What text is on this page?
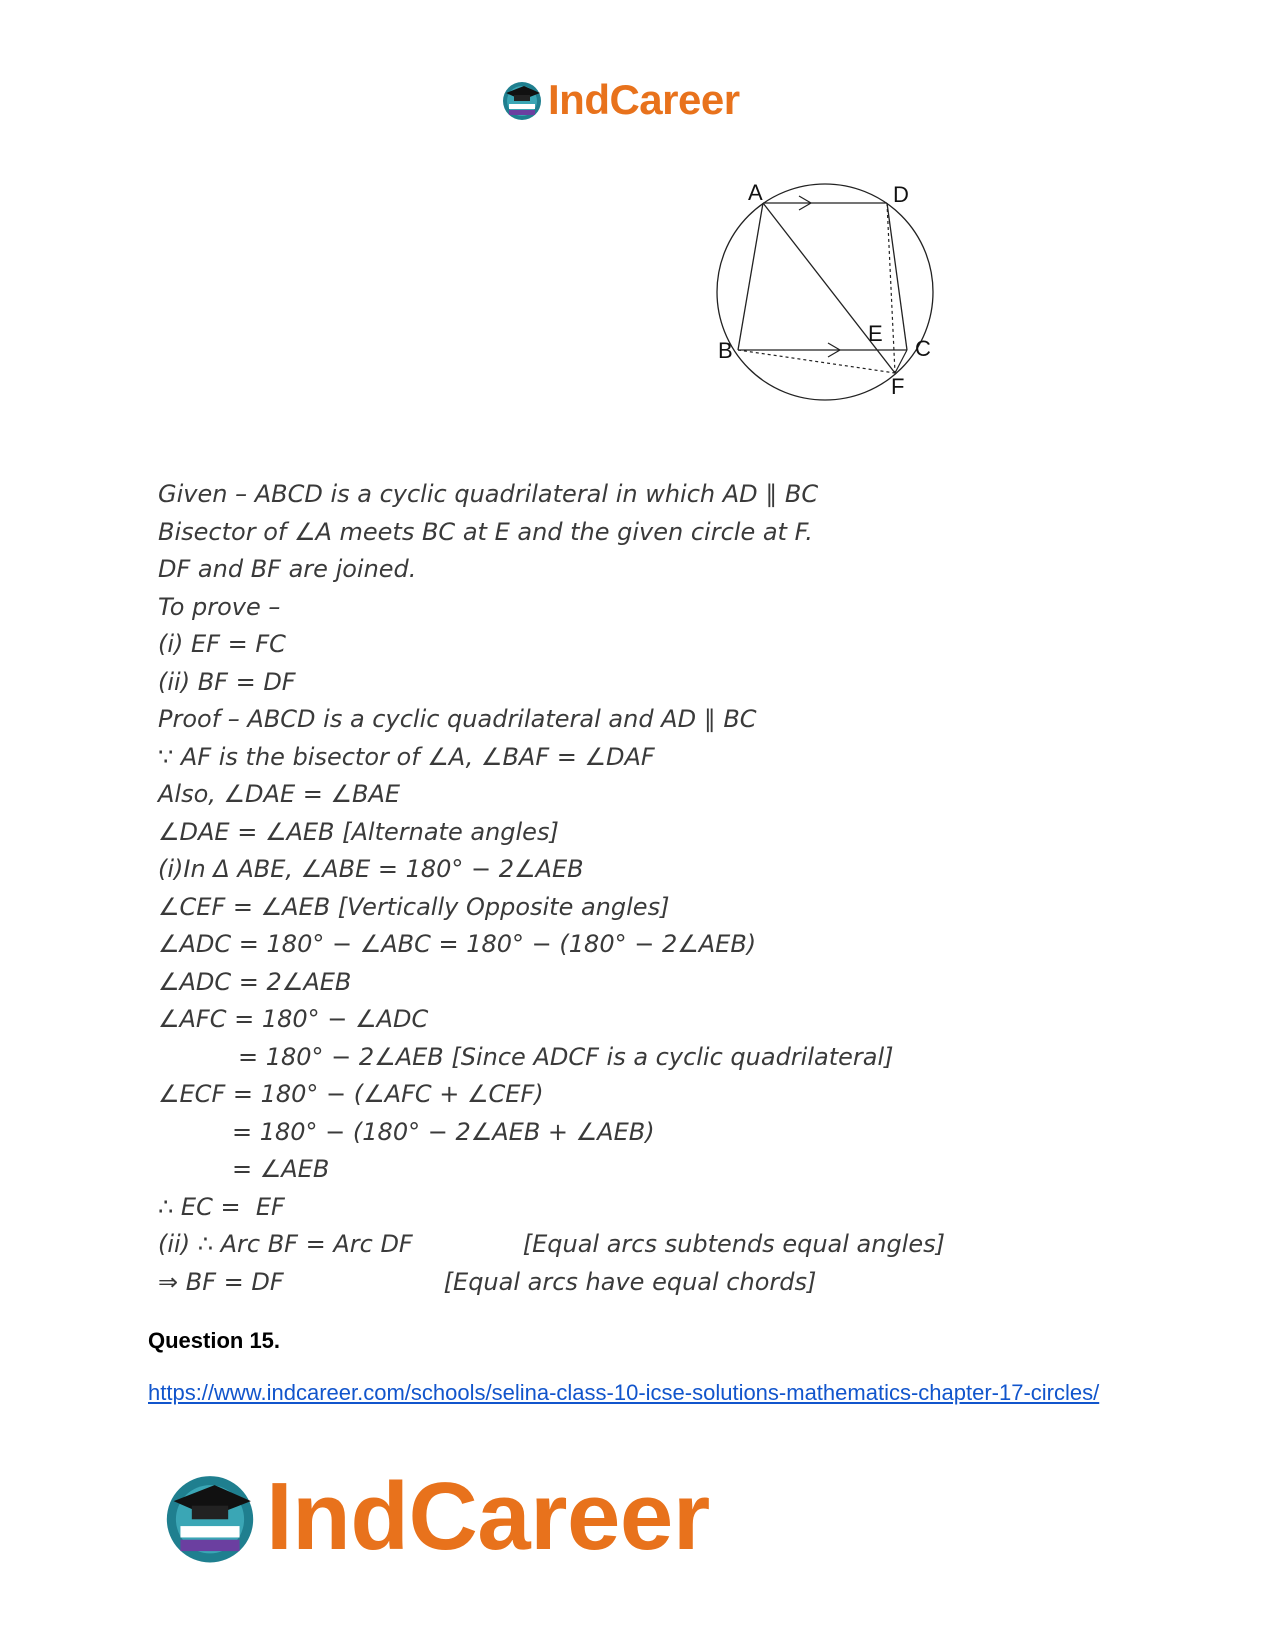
IndCareer
A	D
B
E
C
F
Given – ABCD is a cyclic quadrilateral in which AD ∥ BC
Bisector of ∠A meets BC at E and the given circle at F.
DF and BF are joined.
To prove –
(i) EF = FC
(ii) BF = DF
Proof – ABCD is a cyclic quadrilateral and AD ∥ BC
∵ AF is the bisector of ∠A, ∠BAF = ∠DAF
Also, ∠DAE = ∠BAE
∠DAE = ∠AEB [Alternate angles]
(i)In Δ ABE, ∠ABE = 180° − 2∠AEB
∠CEF = ∠AEB [Vertically Opposite angles]
∠ADC = 180° − ∠ABC = 180° − (180° − 2∠AEB)
∠ADC = 2∠AEB
∠AFC = 180° − ∠ADC
= 180° − 2∠AEB [Since ADCF is a cyclic quadrilateral]
∠ECF = 180° − (∠AFC + ∠CEF)
= 180° − (180° − 2∠AEB + ∠AEB)
= ∠AEB
∴ EC =  EF
(ii) ∴ Arc BF = Arc DF	[Equal arcs subtends equal angles]
⇒ BF = DF	[Equal arcs have equal chords]
Question 15.
https://www.indcareer.com/schools/selina-class-10-icse-solutions-mathematics-chapter-17-circles/
IndCareer
